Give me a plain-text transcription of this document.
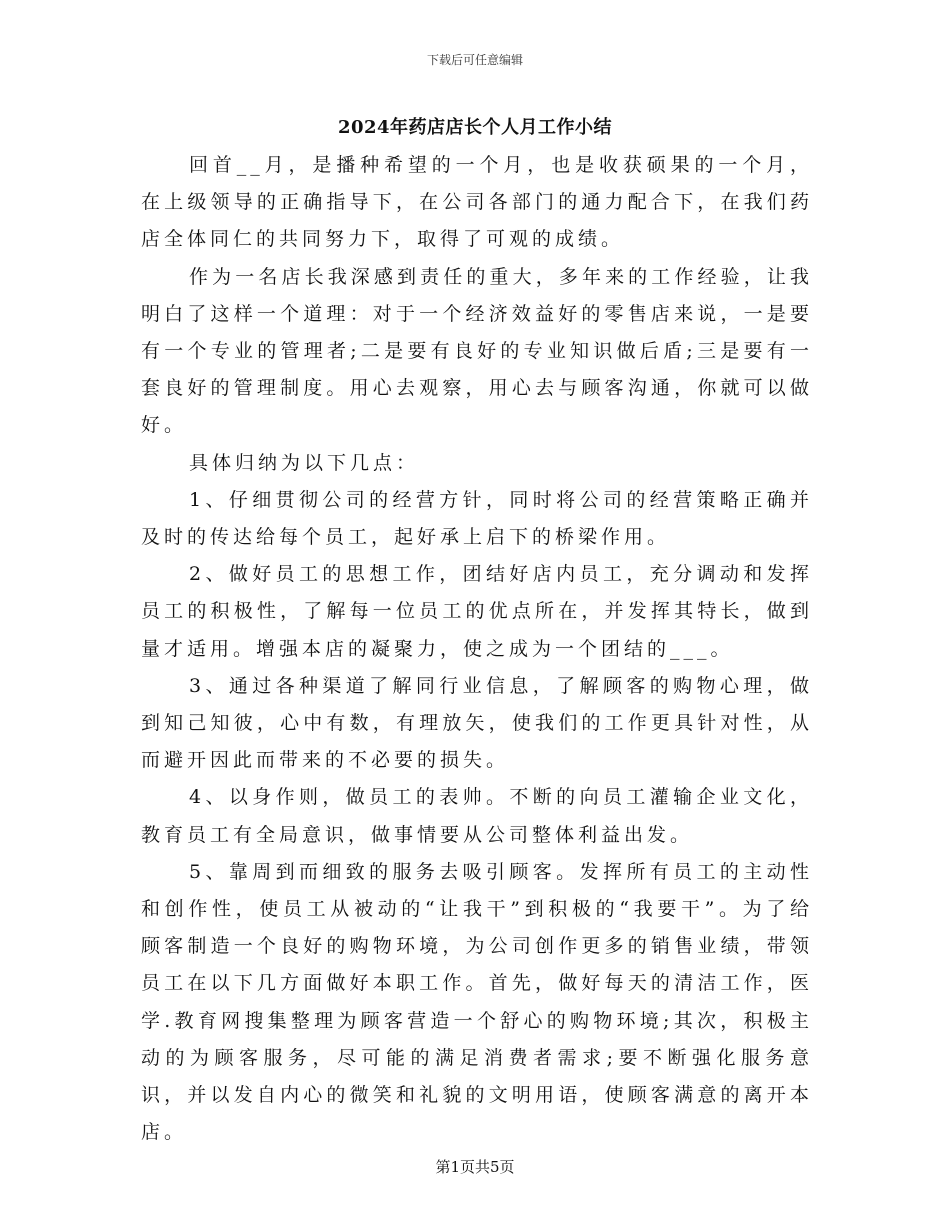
下载后可任意编辑
2024年药店店长个人月工作小结

回首__月，是播种希望的一个月，也是收获硕果的一个月，在上级领导的正确指导下，在公司各部门的通力配合下，在我们药店全体同仁的共同努力下，取得了可观的成绩。

作为一名店长我深感到责任的重大，多年来的工作经验，让我明白了这样一个道理：对于一个经济效益好的零售店来说，一是要有一个专业的管理者;二是要有良好的专业知识做后盾;三是要有一套良好的管理制度。用心去观察，用心去与顾客沟通，你就可以做好。

具体归纳为以下几点：

1、仔细贯彻公司的经营方针，同时将公司的经营策略正确并及时的传达给每个员工，起好承上启下的桥梁作用。

2、做好员工的思想工作，团结好店内员工，充分调动和发挥员工的积极性，了解每一位员工的优点所在，并发挥其特长，做到量才适用。增强本店的凝聚力，使之成为一个团结的___。

3、通过各种渠道了解同行业信息，了解顾客的购物心理，做到知己知彼，心中有数，有理放矢，使我们的工作更具针对性，从而避开因此而带来的不必要的损失。

4、以身作则，做员工的表帅。不断的向员工灌输企业文化，教育员工有全局意识，做事情要从公司整体利益出发。

5、靠周到而细致的服务去吸引顾客。发挥所有员工的主动性和创作性，使员工从被动的“让我干”到积极的“我要干”。为了给顾客制造一个良好的购物环境，为公司创作更多的销售业绩，带领员工在以下几方面做好本职工作。首先，做好每天的清洁工作，医学.教育网搜集整理为顾客营造一个舒心的购物环境;其次，积极主动的为顾客服务，尽可能的满足消费者需求;要不断强化服务意识，并以发自内心的微笑和礼貌的文明用语，使顾客满意的离开本店。

第1页共5页
